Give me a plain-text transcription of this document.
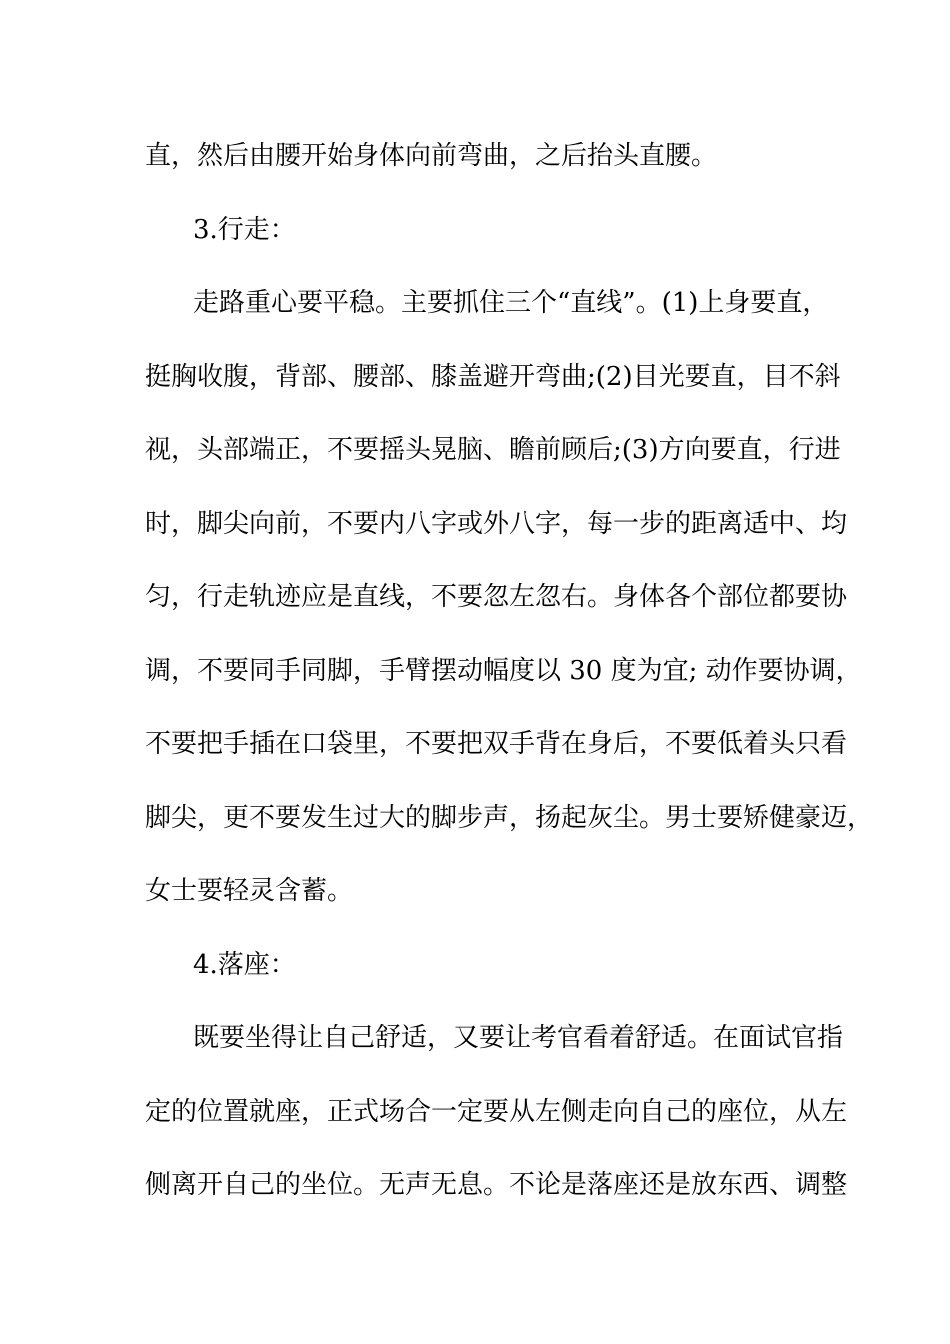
直，然后由腰开始身体向前弯曲，之后抬头直腰。
3.行走：
走路重心要平稳。主要抓住三个“直线”。(1)上身要直，
挺胸收腹，背部、腰部、膝盖避开弯曲;(2)目光要直，目不斜
视，头部端正，不要摇头晃脑、瞻前顾后;(3)方向要直，行进
时，脚尖向前，不要内八字或外八字，每一步的距离适中、均
匀，行走轨迹应是直线，不要忽左忽右。身体各个部位都要协
调，不要同手同脚，手臂摆动幅度以 30 度为宜; 动作要协调，
不要把手插在口袋里，不要把双手背在身后，不要低着头只看
脚尖，更不要发生过大的脚步声，扬起灰尘。男士要矫健豪迈，
女士要轻灵含蓄。
4.落座：
既要坐得让自己舒适，又要让考官看着舒适。在面试官指
定的位置就座，正式场合一定要从左侧走向自己的座位，从左
侧离开自己的坐位。无声无息。不论是落座还是放东西、调整
